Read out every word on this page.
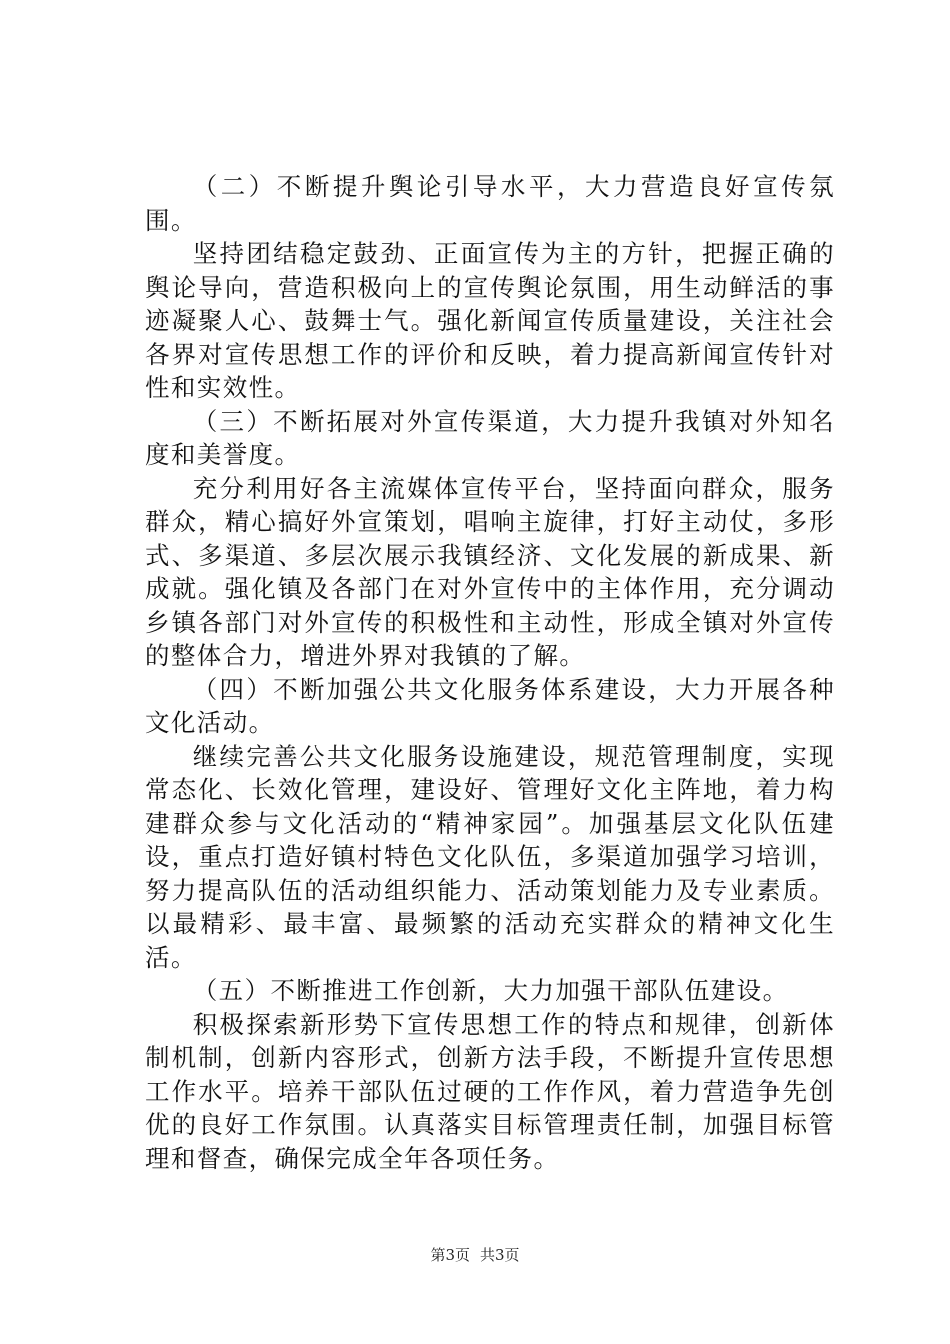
（二）不断提升舆论引导水平，大力营造良好宣传氛围。

坚持团结稳定鼓劲、正面宣传为主的方针，把握正确的舆论导向，营造积极向上的宣传舆论氛围，用生动鲜活的事迹凝聚人心、鼓舞士气。强化新闻宣传质量建设，关注社会各界对宣传思想工作的评价和反映，着力提高新闻宣传针对性和实效性。

（三）不断拓展对外宣传渠道，大力提升我镇对外知名度和美誉度。

充分利用好各主流媒体宣传平台，坚持面向群众，服务群众，精心搞好外宣策划，唱响主旋律，打好主动仗，多形式、多渠道、多层次展示我镇经济、文化发展的新成果、新成就。强化镇及各部门在对外宣传中的主体作用，充分调动乡镇各部门对外宣传的积极性和主动性，形成全镇对外宣传的整体合力，增进外界对我镇的了解。

（四）不断加强公共文化服务体系建设，大力开展各种文化活动。

继续完善公共文化服务设施建设，规范管理制度，实现常态化、长效化管理，建设好、管理好文化主阵地，着力构建群众参与文化活动的“精神家园”。加强基层文化队伍建设，重点打造好镇村特色文化队伍，多渠道加强学习培训，努力提高队伍的活动组织能力、活动策划能力及专业素质。以最精彩、最丰富、最频繁的活动充实群众的精神文化生活。

（五）不断推进工作创新，大力加强干部队伍建设。

积极探索新形势下宣传思想工作的特点和规律，创新体制机制，创新内容形式，创新方法手段，不断提升宣传思想工作水平。培养干部队伍过硬的工作作风，着力营造争先创优的良好工作氛围。认真落实目标管理责任制，加强目标管理和督查，确保完成全年各项任务。

第3页 共3页
